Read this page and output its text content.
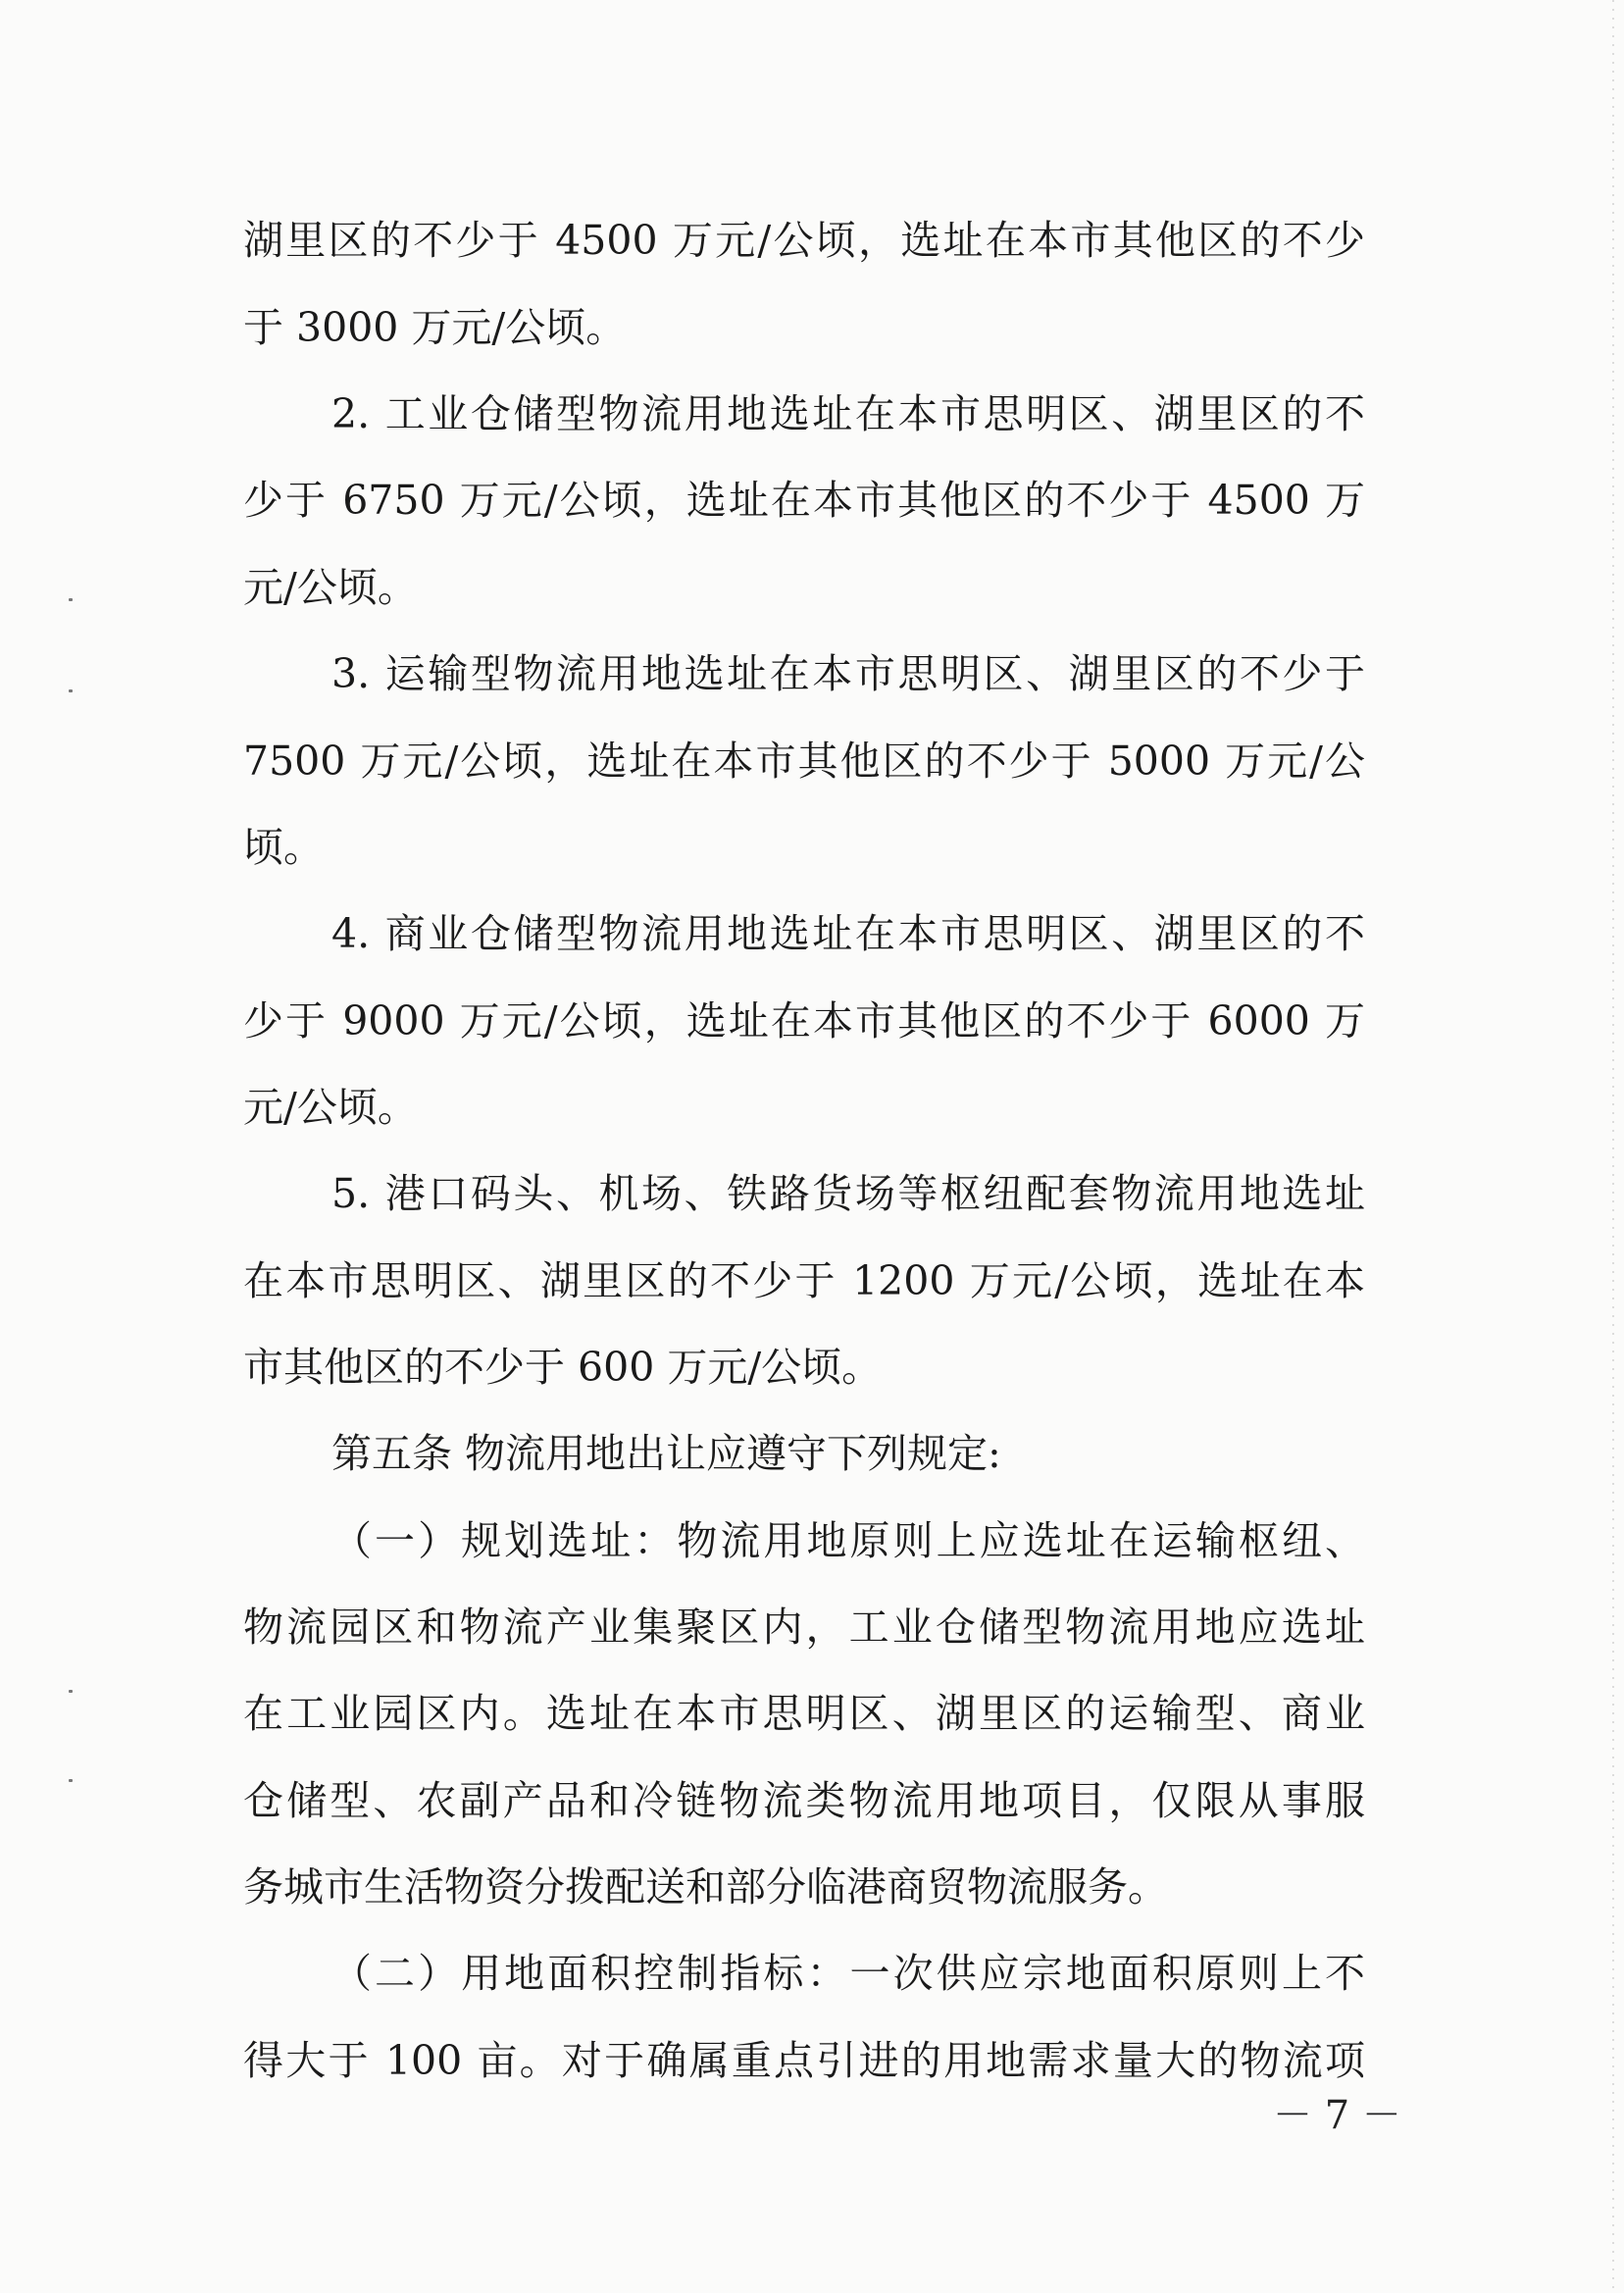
湖里区的不少于 4500 万元/公顷，选址在本市其他区的不少

于 3000 万元/公顷。

2. 工业仓储型物流用地选址在本市思明区、湖里区的不

少于 6750 万元/公顷，选址在本市其他区的不少于 4500 万

元/公顷。

3. 运输型物流用地选址在本市思明区、湖里区的不少于

7500 万元/公顷，选址在本市其他区的不少于 5000 万元/公

顷。

4. 商业仓储型物流用地选址在本市思明区、湖里区的不

少于 9000 万元/公顷，选址在本市其他区的不少于 6000 万

元/公顷。

5. 港口码头、机场、铁路货场等枢纽配套物流用地选址

在本市思明区、湖里区的不少于 1200 万元/公顷，选址在本

市其他区的不少于 600 万元/公顷。

第五条 物流用地出让应遵守下列规定:

（一）规划选址：物流用地原则上应选址在运输枢纽、

物流园区和物流产业集聚区内，工业仓储型物流用地应选址

在工业园区内。选址在本市思明区、湖里区的运输型、商业

仓储型、农副产品和冷链物流类物流用地项目，仅限从事服

务城市生活物资分拨配送和部分临港商贸物流服务。

（二）用地面积控制指标：一次供应宗地面积原则上不

得大于 100 亩。对于确属重点引进的用地需求量大的物流项

－ 7 －
